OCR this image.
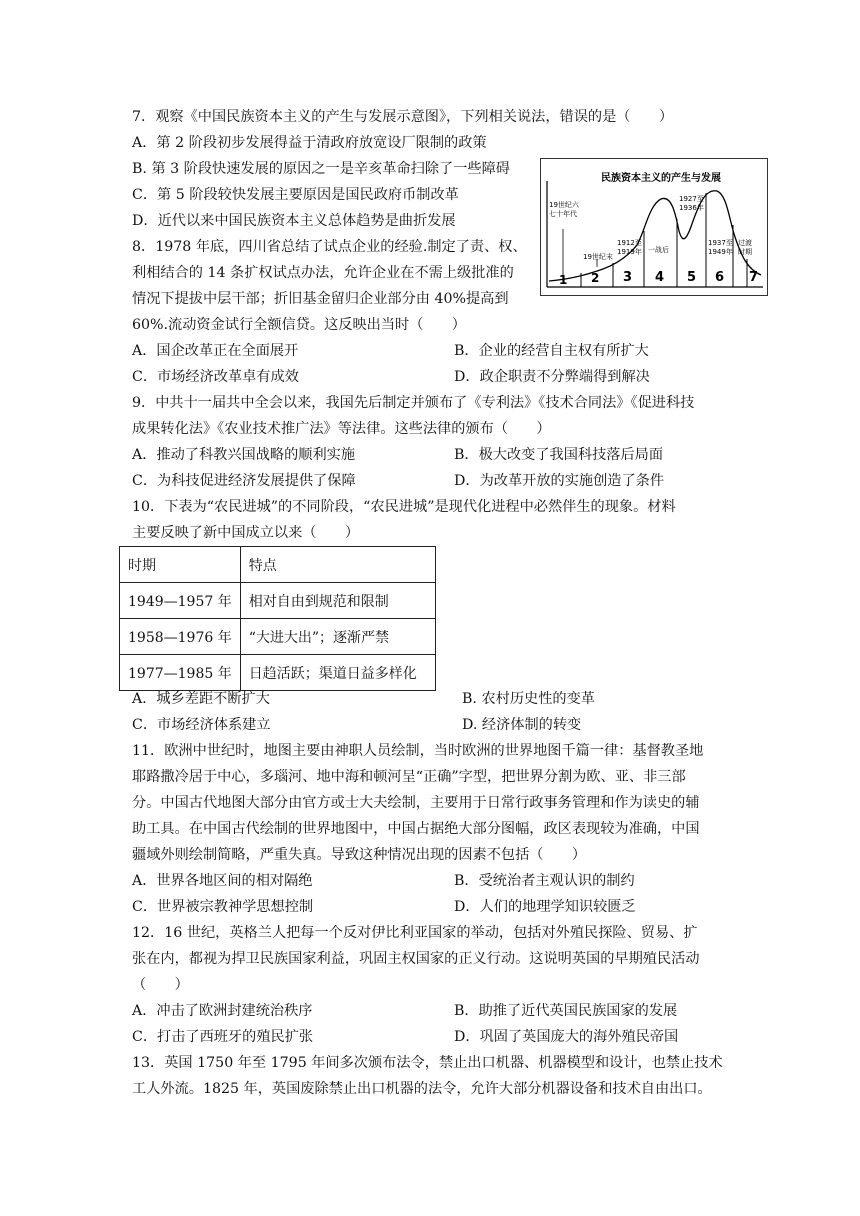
7．观察《中国民族资本主义的产生与发展示意图》，下列相关说法，错误的是（　　）
A．第 2 阶段初步发展得益于清政府放宽设厂限制的政策
B. 第 3 阶段快速发展的原因之一是辛亥革命扫除了一些障碍
C．第 5 阶段较快发展主要原因是国民政府币制改革
D．近代以来中国民族资本主义总体趋势是曲折发展
8．1978 年底，四川省总结了试点企业的经验.制定了责、权、
利相结合的 14 条扩权试点办法，允许企业在不需上级批准的
情况下提拔中层干部；折旧基金留归企业部分由 40%提高到
60%.流动资金试行全额信贷。这反映出当时（　　）
A．国企改革正在全面展开	B．企业的经营自主权有所扩大
C．市场经济改革卓有成效	D．政企职责不分弊端得到解决
9．中共十一届共中全会以来，我国先后制定并颁布了《专利法》《技术合同法》《促进科技
成果转化法》《农业技术推广法》等法律。这些法律的颁布（　　）
A．推动了科教兴国战略的顺利实施	B．极大改变了我国科技落后局面
C．为科技促进经济发展提供了保障	D．为改革开放的实施创造了条件
10．下表为“农民进城”的不同阶段，“农民进城”是现代化进程中必然伴生的现象。材料
主要反映了新中国成立以来（　　）
时期	特点
1949—1957 年	相对自由到规范和限制
1958—1976 年	“大进大出”；逐渐严禁
1977—1985 年	日趋活跃；渠道日益多样化
A．城乡差距不断扩大	B. 农村历史性的变革
C．市场经济体系建立	D. 经济体制的转变
11．欧洲中世纪时，地图主要由神职人员绘制，当时欧洲的世界地图千篇一律：基督教圣地
耶路撒冷居于中心，多瑙河、地中海和顿河呈“正确”字型，把世界分割为欧、亚、非三部
分。中国古代地图大部分由官方或士大夫绘制，主要用于日常行政事务管理和作为读史的辅
助工具。在中国古代绘制的世界地图中，中国占据绝大部分图幅，政区表现较为准确，中国
疆域外则绘制简略，严重失真。导致这种情况出现的因素不包括（　　）
A．世界各地区间的相对隔绝	B．受统治者主观认识的制约
C．世界被宗教神学思想控制	D．人们的地理学知识较匮乏
12．16 世纪，英格兰人把每一个反对伊比利亚国家的举动，包括对外殖民探险、贸易、扩
张在内，都视为捍卫民族国家利益，巩固主权国家的正义行动。这说明英国的早期殖民活动
（　　）
A．冲击了欧洲封建统治秩序	B．助推了近代英国民族国家的发展
C．打击了西班牙的殖民扩张	D．巩固了英国庞大的海外殖民帝国
13．英国 1750 年至 1795 年间多次颁布法令，禁止出口机器、机器模型和设计，也禁止技术
工人外流。1825 年，英国废除禁止出口机器的法令，允许大部分机器设备和技术自由出口。
民族资本主义的产生与发展
19世纪六
七十年代
19世纪末
1912至
1919年 一战后
1927至
1936年
1937至
1949年
过渡
时期
1 2 3 4 5 6 7
